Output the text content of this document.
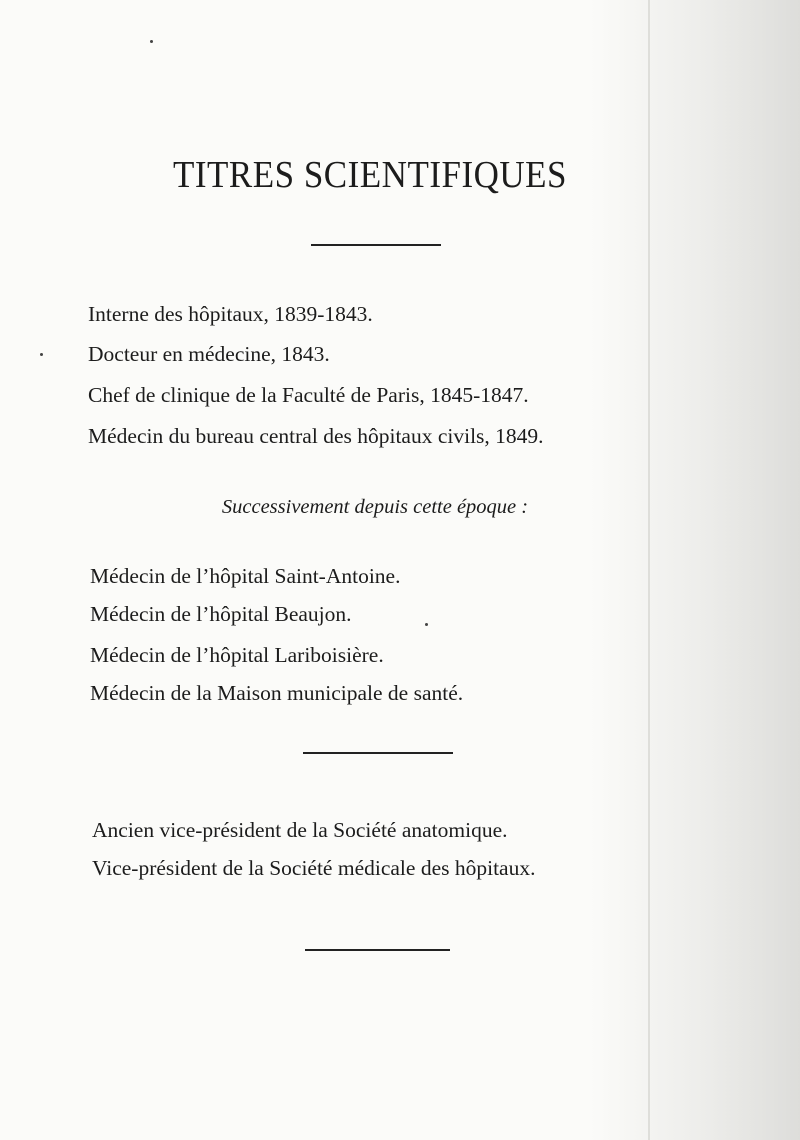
TITRES SCIENTIFIQUES

Interne des hôpitaux, 1839-1843.

Docteur en médecine, 1843.

Chef de clinique de la Faculté de Paris, 1845-1847.

Médecin du bureau central des hôpitaux civils, 1849.

Successivement depuis cette époque :

Médecin de l’hôpital Saint-Antoine.

Médecin de l’hôpital Beaujon.

Médecin de l’hôpital Lariboisière.

Médecin de la Maison municipale de santé.

Ancien vice-président de la Société anatomique.

Vice-président de la Société médicale des hôpitaux.
